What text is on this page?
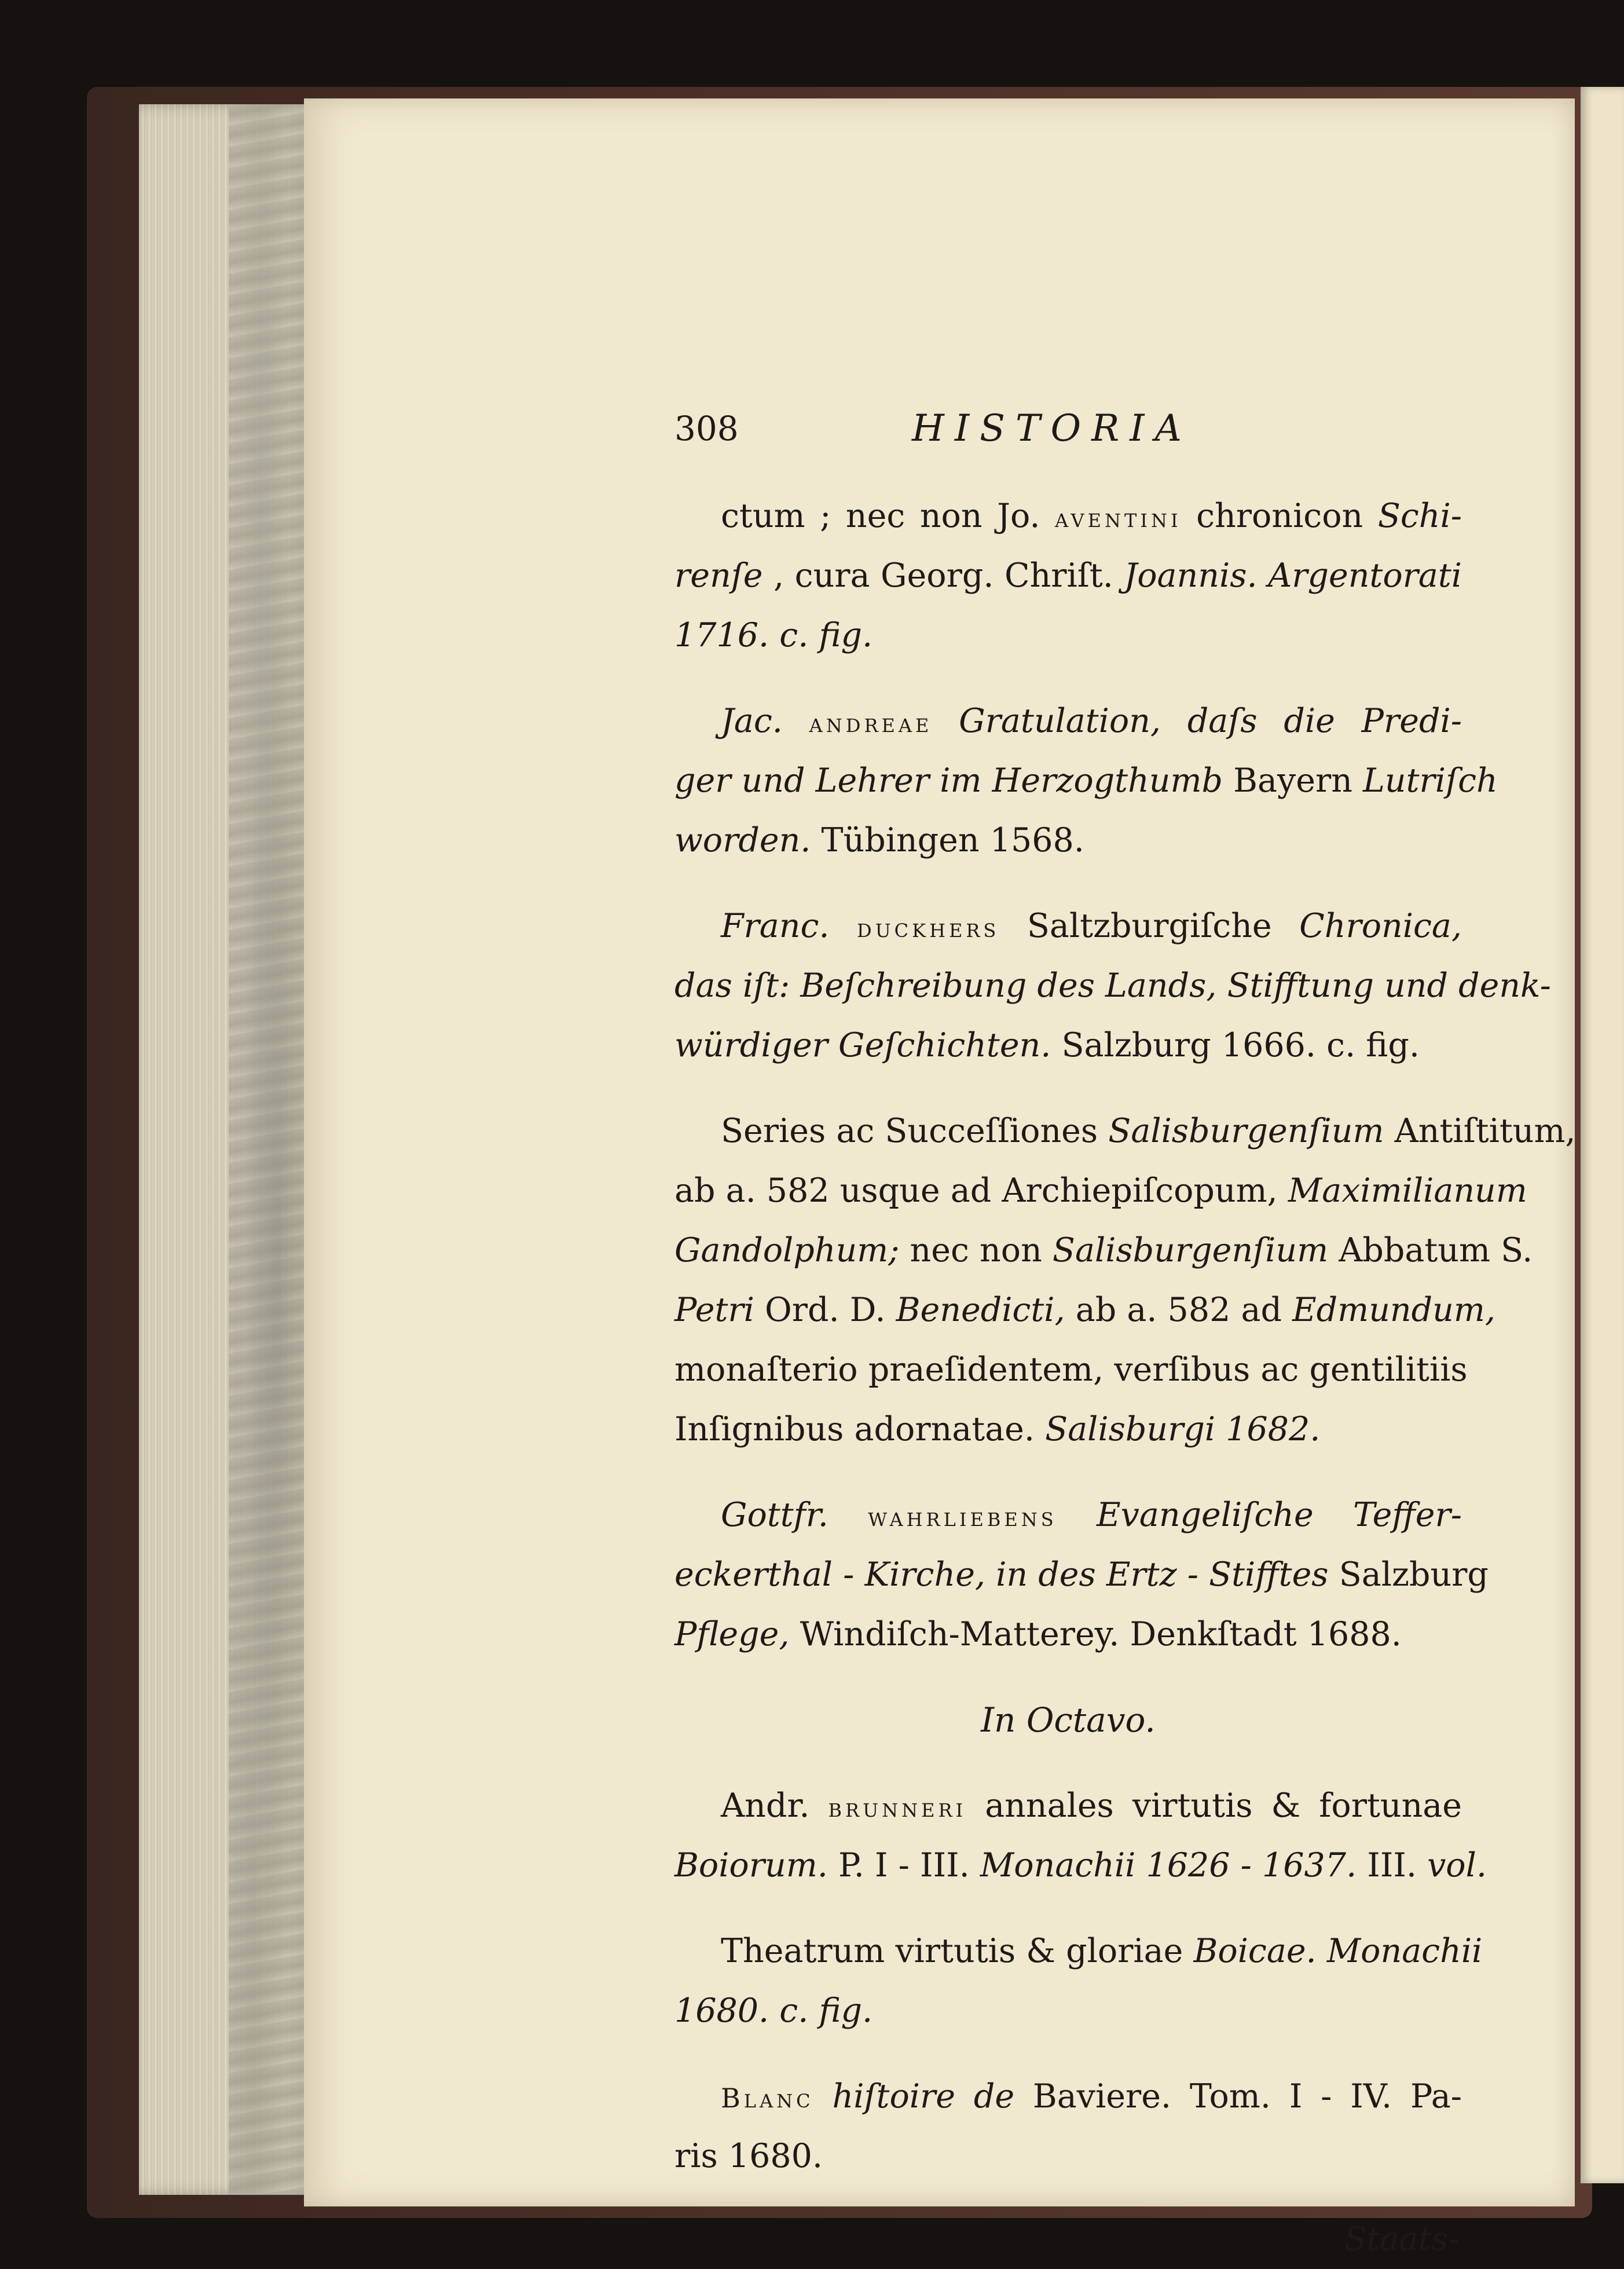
308	HISTORIA
ctum ; nec non Jo. aventini chronicon Schi-
renſe , cura Georg. Chriſt. Joannis. Argentorati
1716. c. fig.
Jac. andreae Gratulation, daſs die Predi-
ger und Lehrer im Herzogthumb Bayern Lutriſch
worden. Tübingen 1568.
Franc. duckhers Saltzburgiſche Chronica,
das iſt: Beſchreibung des Lands, Stifftung und denk-
würdiger Geſchichten. Salzburg 1666. c. fig.
Series ac Succeſſiones Salisburgenſium Antiſtitum,
ab a. 582 usque ad Archiepiſcopum, Maximilianum
Gandolphum; nec non Salisburgenſium Abbatum S.
Petri Ord. D. Benedicti, ab a. 582 ad Edmundum,
monaſterio praeſidentem, verſibus ac gentilitiis
Inſignibus adornatae. Salisburgi 1682.
Gottfr. wahrliebens Evangeliſche Teffer-
eckerthal - Kirche, in des Ertz - Stifftes Salzburg
Pflege, Windiſch-Matterey. Denkſtadt 1688.
In Octavo.
Andr. brunneri annales virtutis & fortunae
Boiorum. P. I - III. Monachii 1626 - 1637. III. vol.
Theatrum virtutis & gloriae Boicae. Monachii
1680. c. fig.
Blanc hiſtoire de Baviere. Tom. I - IV. Pa-
ris 1680.
Staats-
